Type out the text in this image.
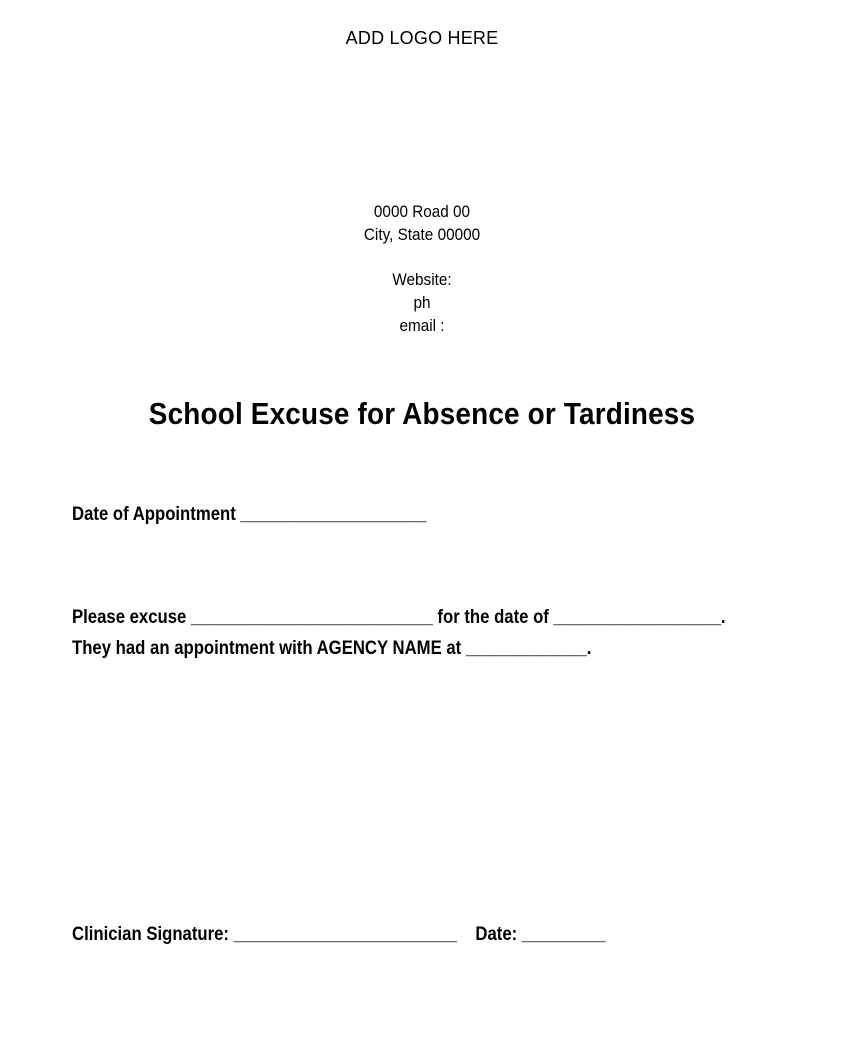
ADD LOGO HERE
0000 Road 00
City, State 00000
Website:
ph
email :
School Excuse for Absence or Tardiness
Date of Appointment ____________________
Please excuse __________________________ for the date of __________________.
They had an appointment with AGENCY NAME at _____________.
Clinician Signature: ________________________    Date: _________
